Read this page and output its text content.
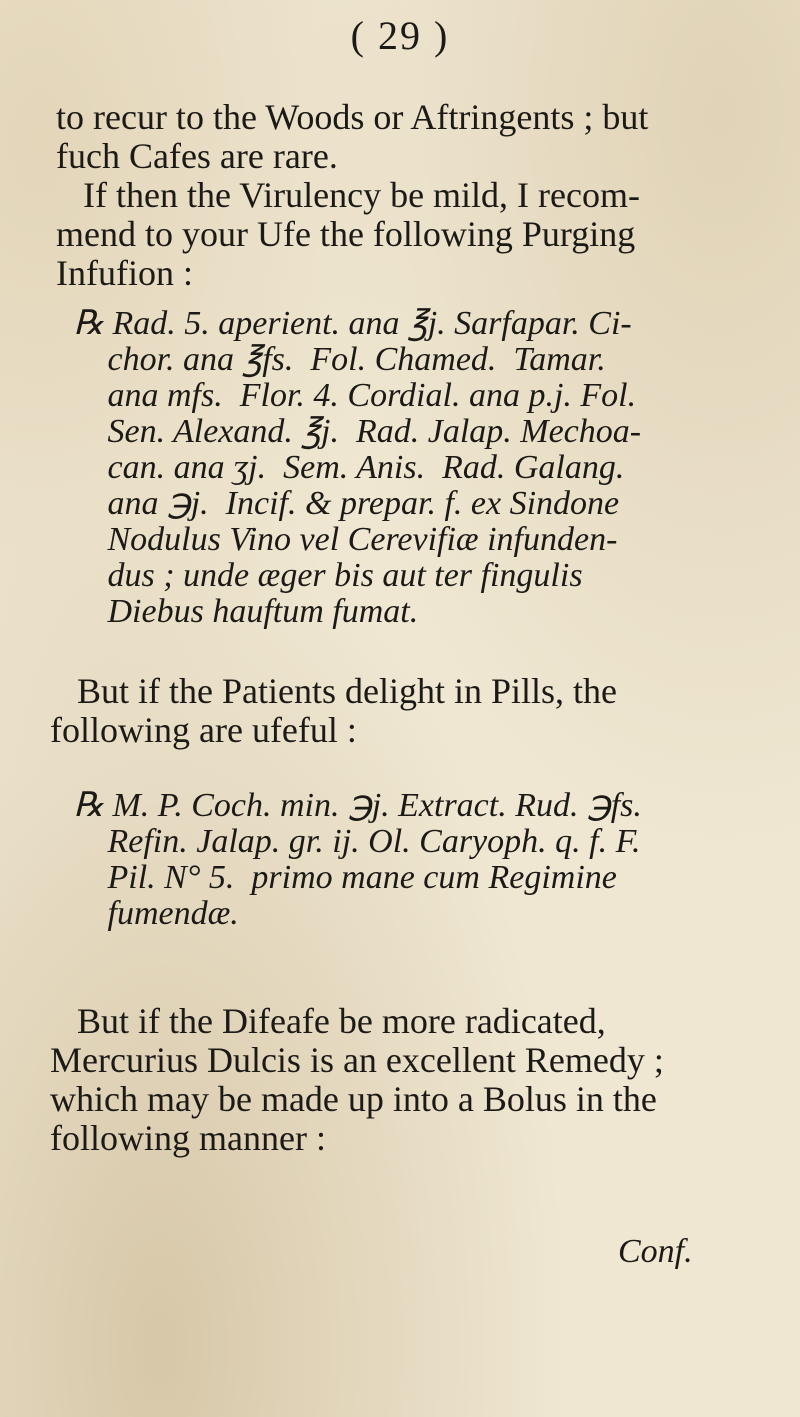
( 29 )

to recur to the Woods or Aftringents ; but

fuch Cafes are rare.

If then the Virulency be mild, I recom-

mend to your Ufe the following Purging

Infufion :

℞ Rad. 5. aperient. ana ℥j. Sarfapar. Ci-

chor. ana ℥fs.  Fol. Chamed.  Tamar.

ana mfs.  Flor. 4. Cordial. ana p.j. Fol.

Sen. Alexand. ℥j.  Rad. Jalap. Mechoa-

can. ana ʒj.  Sem. Anis.  Rad. Galang.

ana ℈j.  Incif. & prepar. f. ex Sindone

Nodulus Vino vel Cerevifiæ infunden-

dus ; unde æger bis aut ter fingulis

Diebus hauftum fumat.

But if the Patients delight in Pills, the

following are ufeful :

℞ M. P. Coch. min. ℈j. Extract. Rud. ℈fs.

Refin. Jalap. gr. ij. Ol. Caryoph. q. f. F.

Pil. N° 5.  primo mane cum Regimine

fumendæ.

But if the Difeafe be more radicated,

Mercurius Dulcis is an excellent Remedy ;

which may be made up into a Bolus in the

following manner :

Conf.
